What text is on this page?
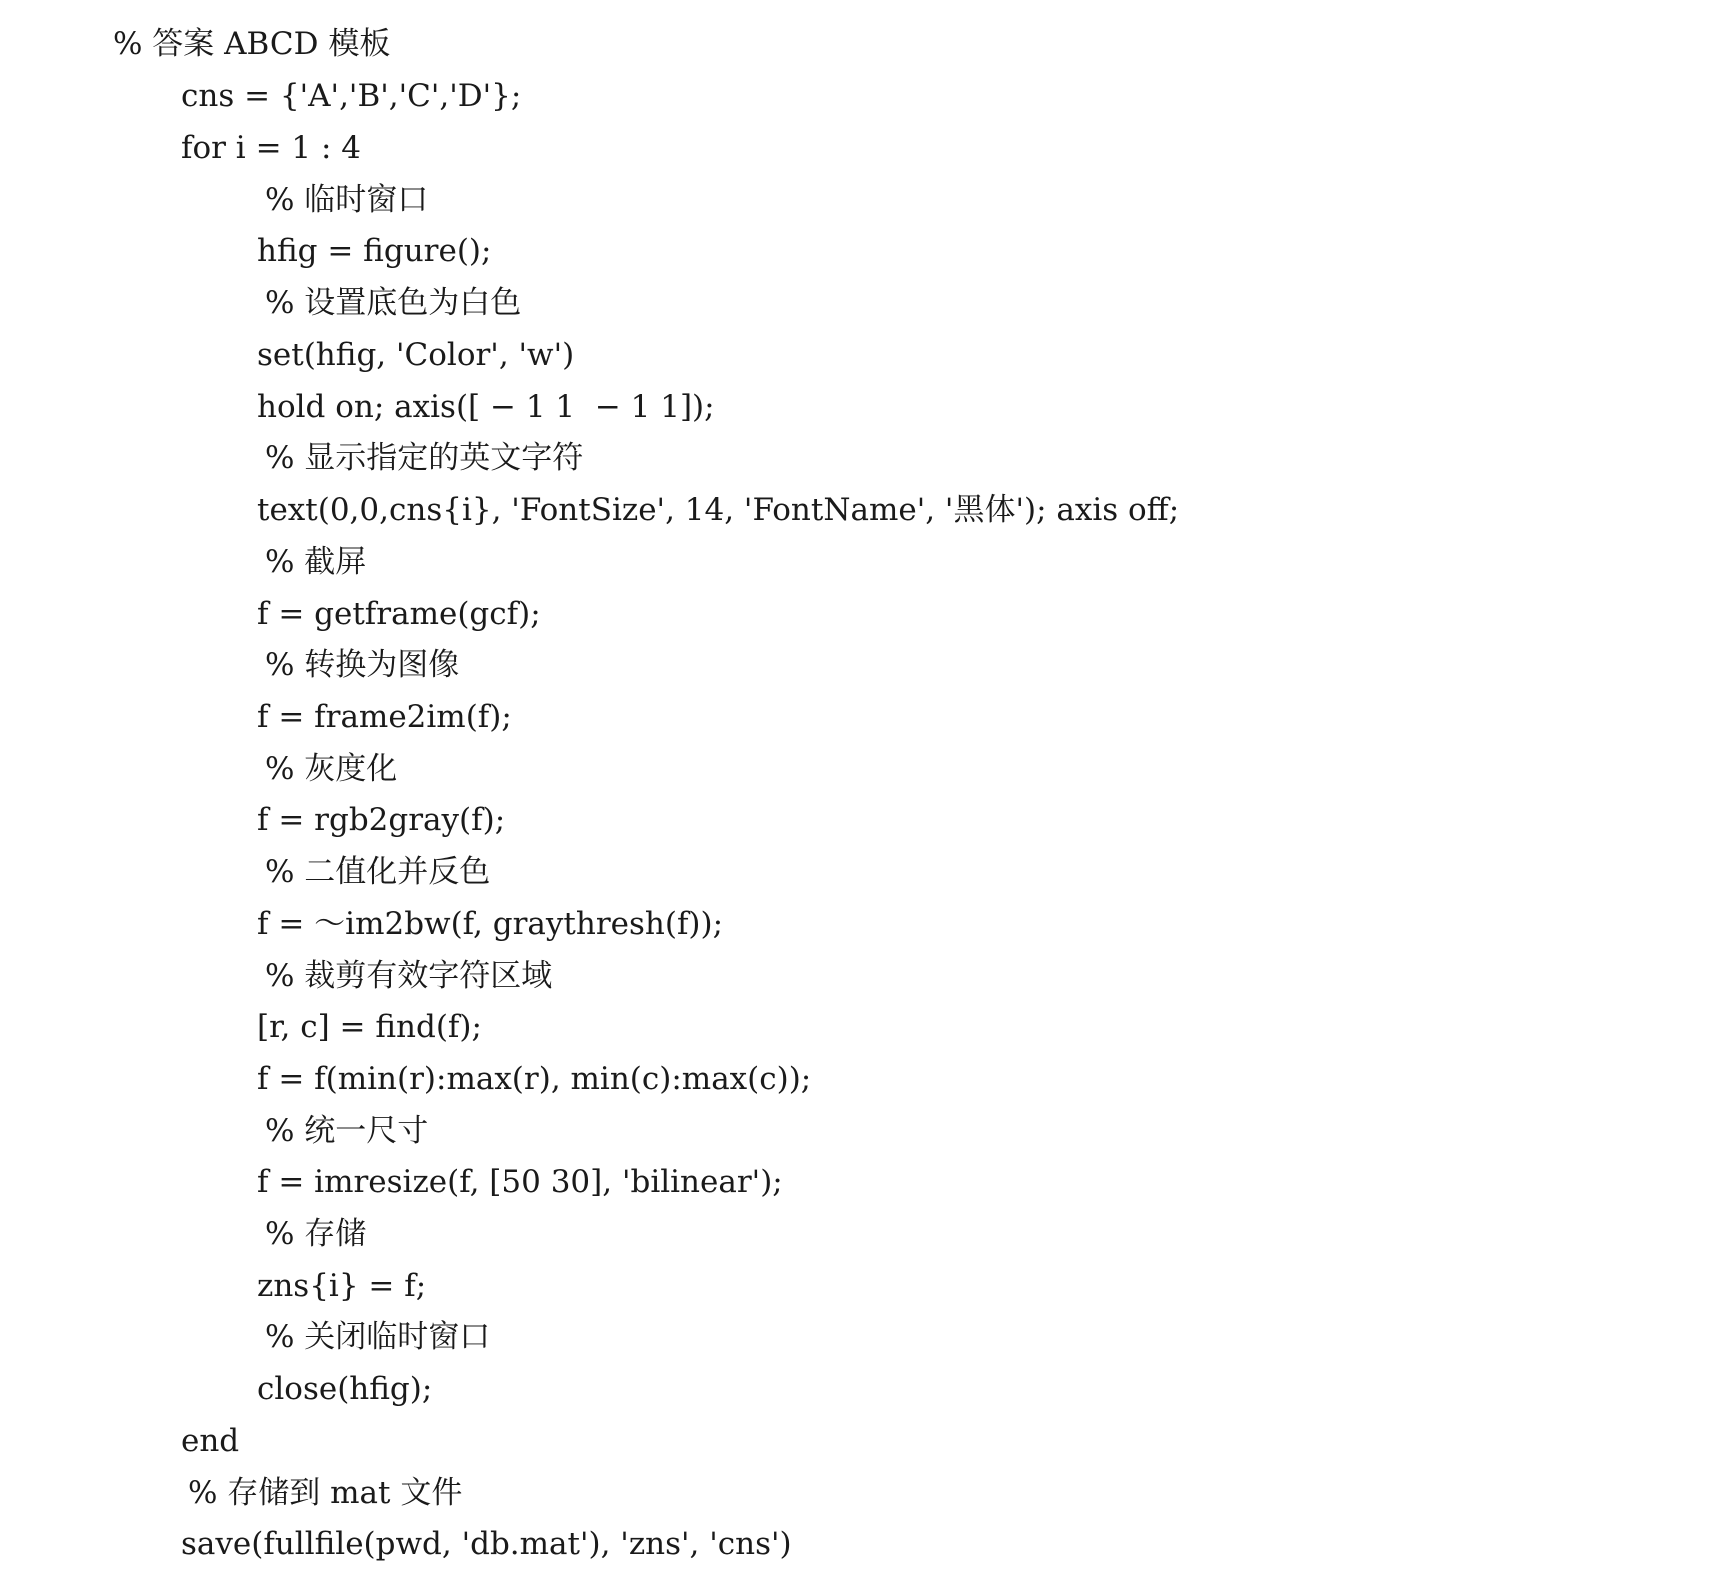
% 答案 ABCD 模板
cns = {'A','B','C','D'};
for i = 1 : 4
% 临时窗口
hfig = figure();
% 设置底色为白色
set(hfig, 'Color', 'w')
hold on; axis([ − 1 1  − 1 1]);
% 显示指定的英文字符
text(0,0,cns{i}, 'FontSize', 14, 'FontName', '黑体'); axis off;
% 截屏
f = getframe(gcf);
% 转换为图像
f = frame2im(f);
% 灰度化
f = rgb2gray(f);
% 二值化并反色
f = ～im2bw(f, graythresh(f));
% 裁剪有效字符区域
[r, c] = find(f);
f = f(min(r):max(r), min(c):max(c));
% 统一尺寸
f = imresize(f, [50 30], 'bilinear');
% 存储
zns{i} = f;
% 关闭临时窗口
close(hfig);
end
% 存储到 mat 文件
save(fullfile(pwd, 'db.mat'), 'zns', 'cns')
